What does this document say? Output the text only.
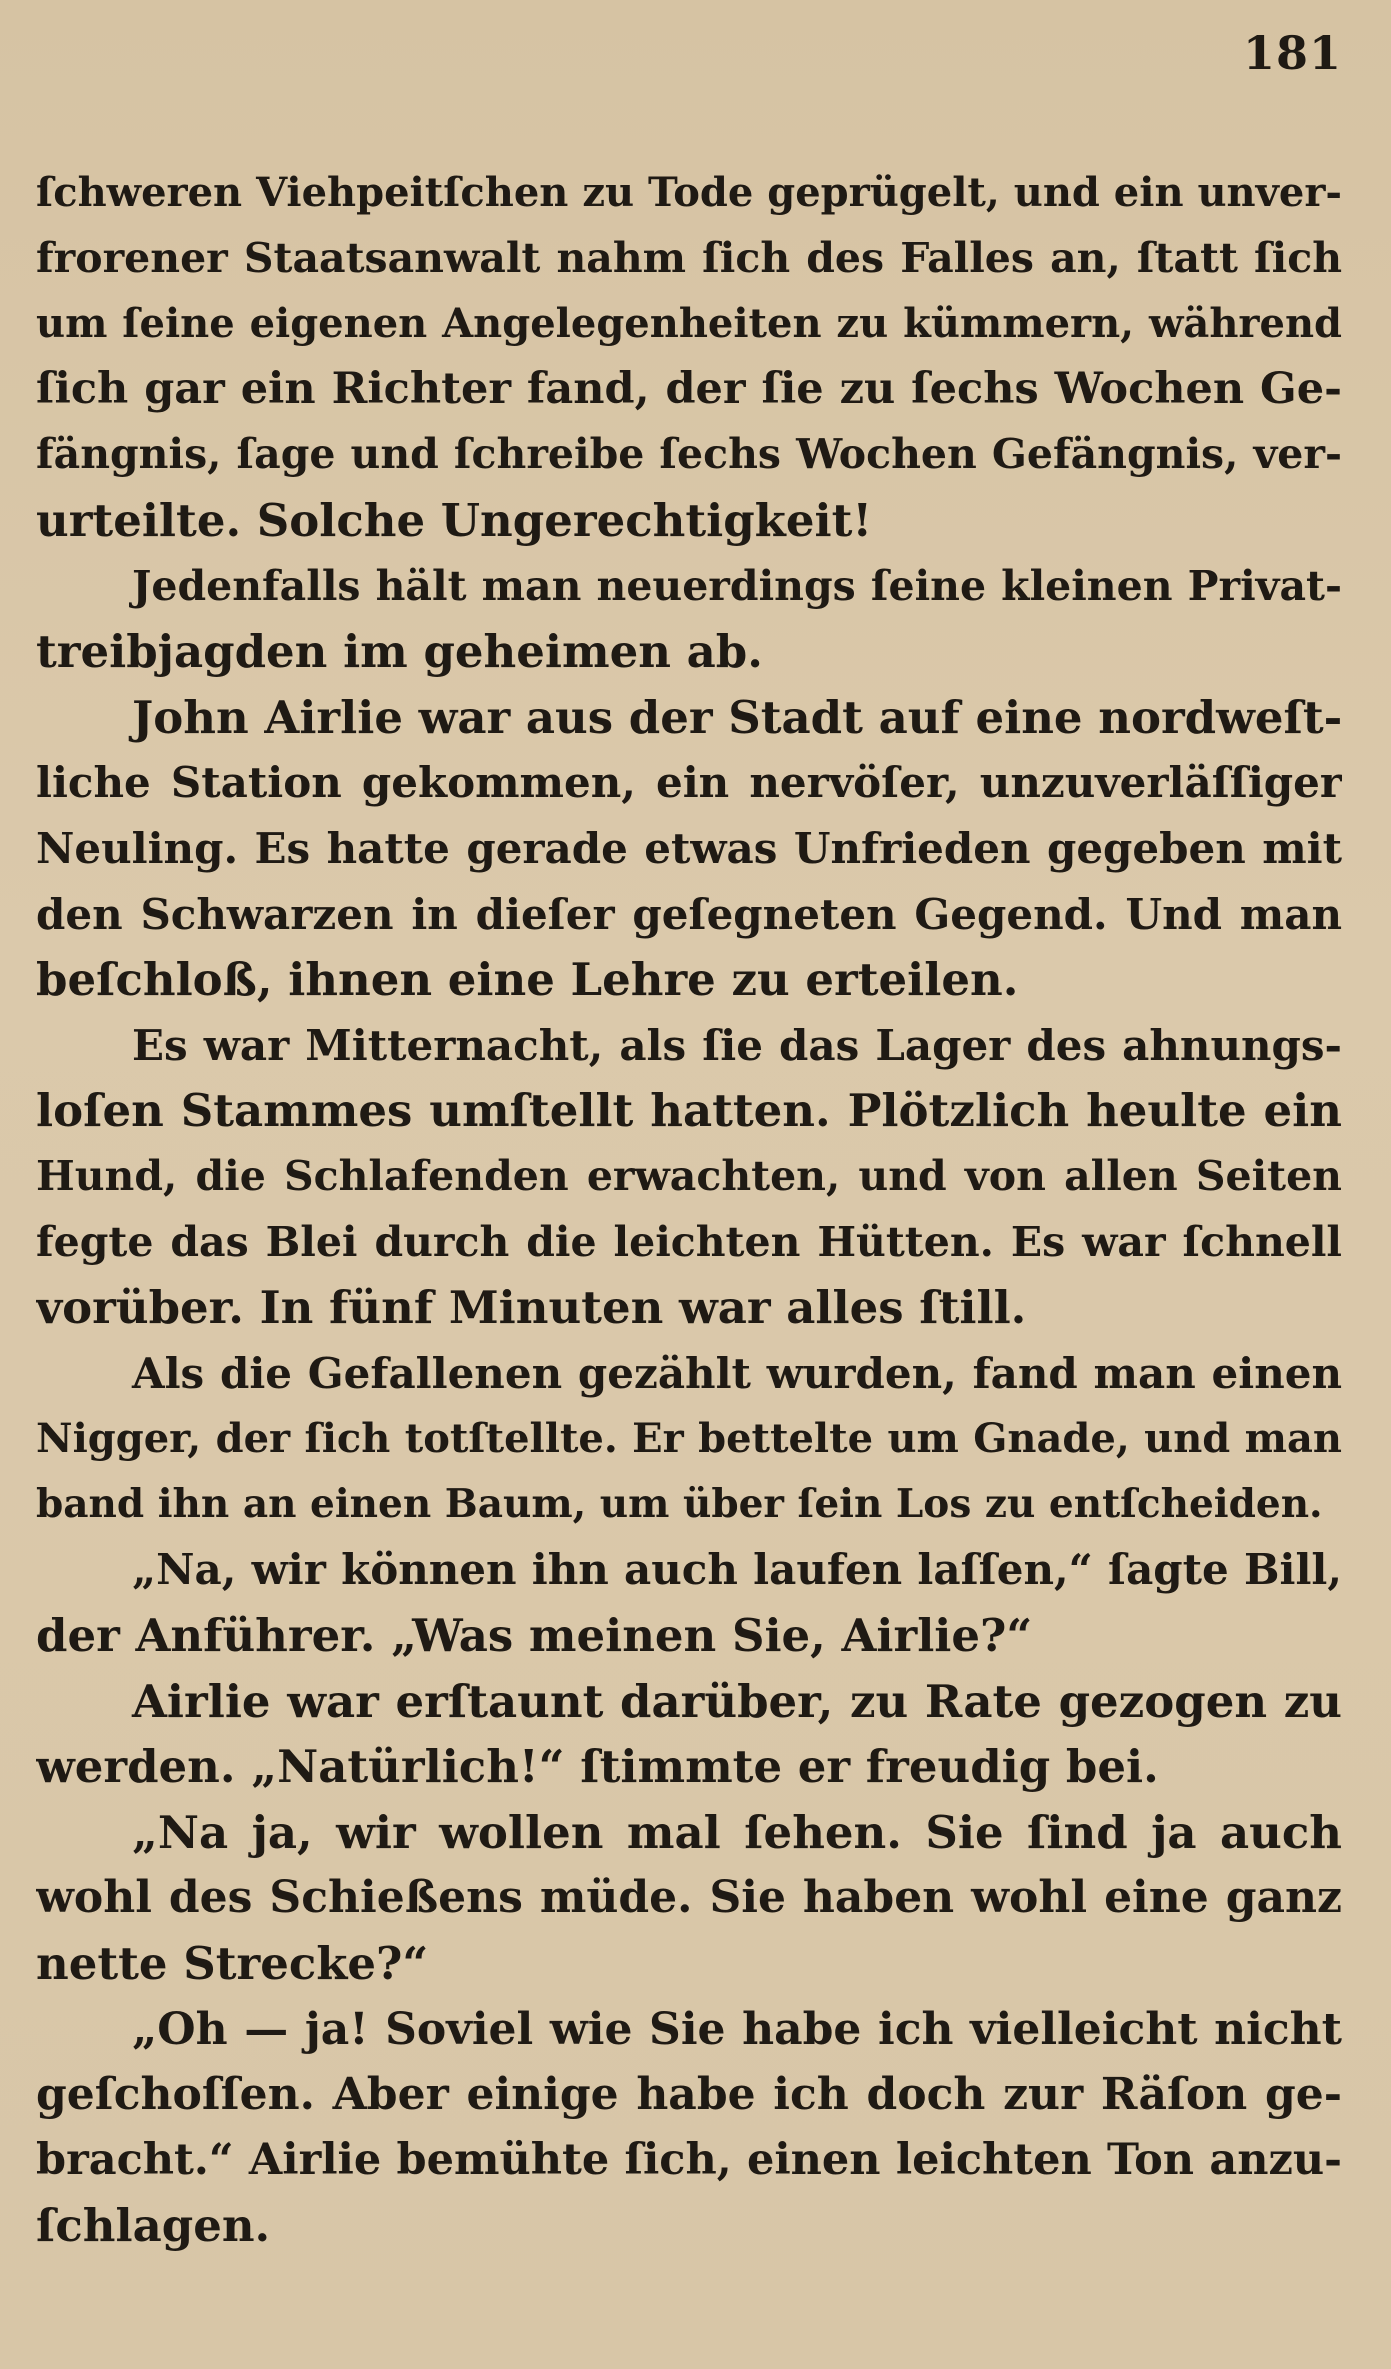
181
ſchweren Viehpeitſchen zu Tode geprügelt, und ein unver-
frorener Staatsanwalt nahm ſich des Falles an, ſtatt ſich
um ſeine eigenen Angelegenheiten zu kümmern, während
ſich gar ein Richter fand, der ſie zu ſechs Wochen Ge-
fängnis, ſage und ſchreibe ſechs Wochen Gefängnis, ver-
urteilte. Solche Ungerechtigkeit!
Jedenfalls hält man neuerdings ſeine kleinen Privat-
treibjagden im geheimen ab.
John Airlie war aus der Stadt auf eine nordweſt-
liche Station gekommen, ein nervöſer, unzuverläſſiger
Neuling. Es hatte gerade etwas Unfrieden gegeben mit
den Schwarzen in dieſer geſegneten Gegend. Und man
beſchloß, ihnen eine Lehre zu erteilen.
Es war Mitternacht, als ſie das Lager des ahnungs-
loſen Stammes umſtellt hatten. Plötzlich heulte ein
Hund, die Schlafenden erwachten, und von allen Seiten
fegte das Blei durch die leichten Hütten. Es war ſchnell
vorüber. In fünf Minuten war alles ſtill.
Als die Gefallenen gezählt wurden, fand man einen
Nigger, der ſich totſtellte. Er bettelte um Gnade, und man
band ihn an einen Baum, um über ſein Los zu entſcheiden.
„Na, wir können ihn auch laufen laſſen,“ ſagte Bill,
der Anführer. „Was meinen Sie, Airlie?“
Airlie war erſtaunt darüber, zu Rate gezogen zu
werden. „Natürlich!“ ſtimmte er freudig bei.
„Na ja, wir wollen mal ſehen. Sie ſind ja auch
wohl des Schießens müde. Sie haben wohl eine ganz
nette Strecke?“
„Oh — ja! Soviel wie Sie habe ich vielleicht nicht
geſchoſſen. Aber einige habe ich doch zur Räſon ge-
bracht.“ Airlie bemühte ſich, einen leichten Ton anzu-
ſchlagen.
